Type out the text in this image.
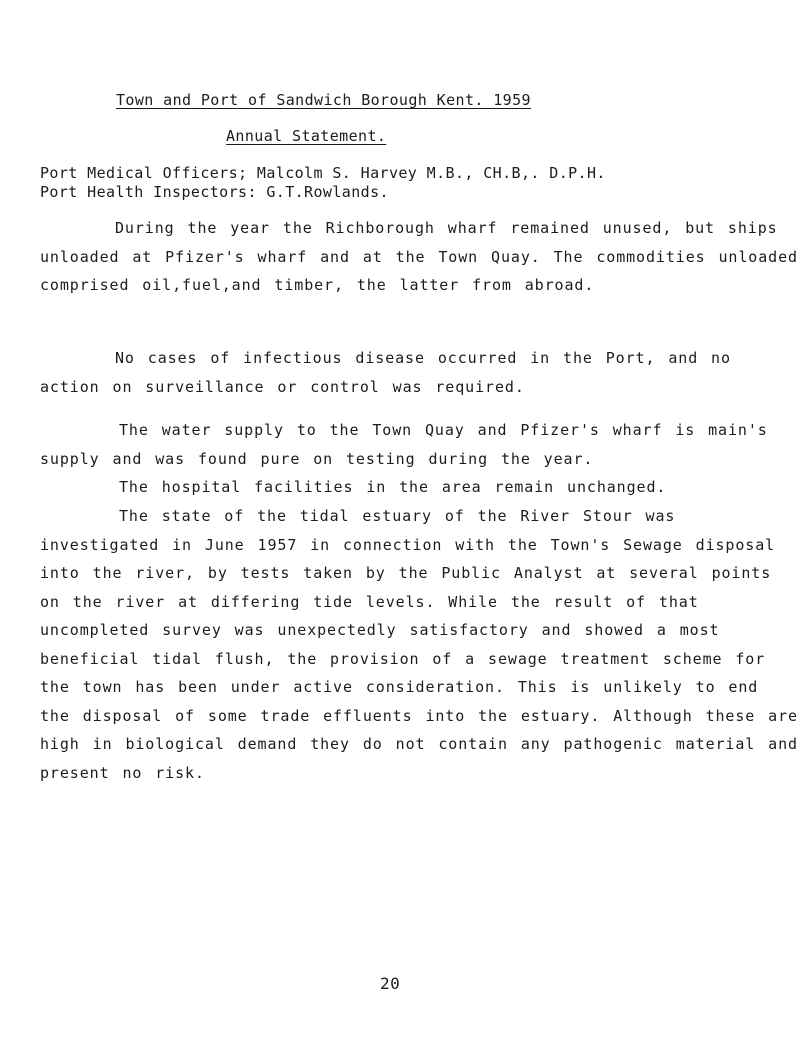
Town and Port of Sandwich Borough Kent. 1959
Annual Statement.
Port Medical Officers; Malcolm S. Harvey M.B., CH.B,. D.P.H.
Port Health Inspectors: G.T.Rowlands.

During the year the Richborough wharf remained unused, but ships unloaded at Pfizer's wharf and at the Town Quay. The commodities unloaded comprised oil,fuel,and timber, the latter from abroad.

No cases of infectious disease occurred in the Port, and no action on surveillance or control was required.

The water supply to the Town Quay and Pfizer's wharf is main's supply and was found pure on testing during the year.

The hospital facilities in the area remain unchanged.

The state of the tidal estuary of the River Stour was investigated in June 1957 in connection with the Town's Sewage disposal into the river, by tests taken by the Public Analyst at several points on the river at differing tide levels. While the result of that uncompleted survey was unexpectedly satisfactory and showed a most beneficial tidal flush, the provision of a sewage treatment scheme for the town has been under active consideration. This is unlikely to end the disposal of some trade effluents into the estuary. Although these are high in biological demand they do not contain any pathogenic material and present no risk.

20
